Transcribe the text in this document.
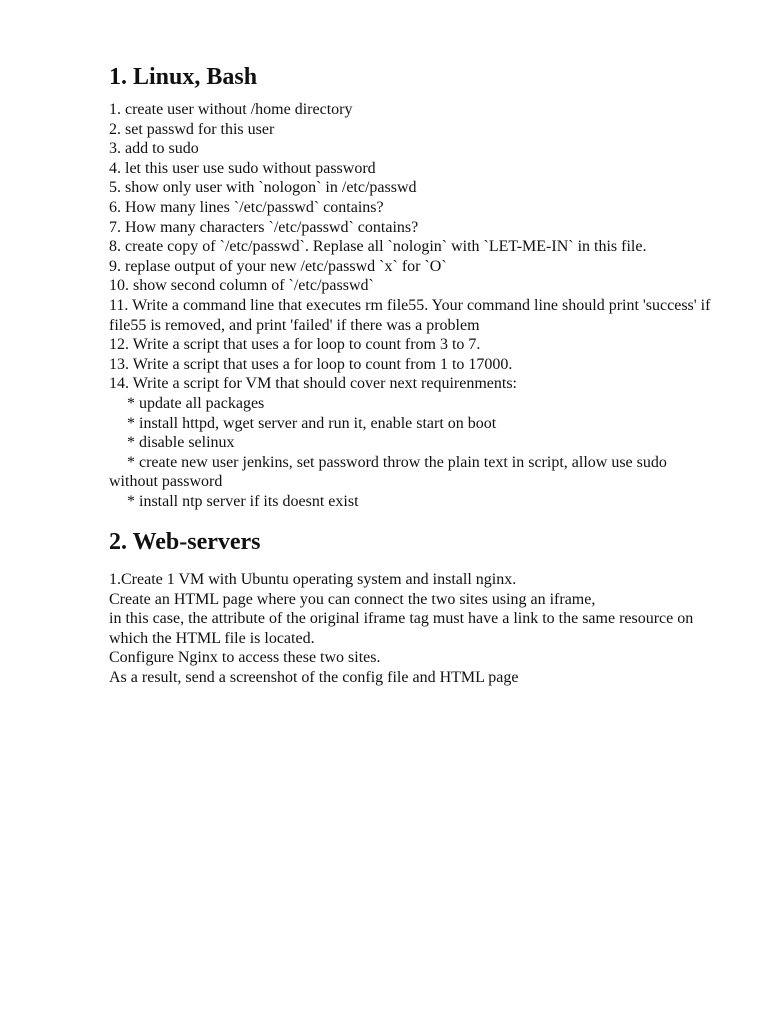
1. Linux, Bash

1. create user without /home directory

2. set passwd for this user

3. add to sudo

4. let this user use sudo without password

5. show only user with `nologon` in /etc/passwd

6. How many lines `/etc/passwd` contains?

7. How many characters `/etc/passwd` contains?

8. create copy of `/etc/passwd`. Replase all `nologin` with `LET-ME-IN` in this file.

9. replase output of your new /etc/passwd `x` for `O`

10. show second column of `/etc/passwd`

11. Write a command line that executes rm file55. Your command line should print 'success' if file55 is removed, and print 'failed' if there was a problem

12. Write a script that uses a for loop to count from 3 to 7.

13. Write a script that uses a for loop to count from 1 to 17000.

14. Write a script for VM that should cover next requirenments:

* update all packages

* install httpd, wget server and run it, enable start on boot

* disable selinux

* create new user jenkins, set password throw the plain text in script, allow use sudo without password

* install ntp server if its doesnt exist

2. Web-servers

1.Create 1 VM with Ubuntu operating system and install nginx.

Create an HTML page where you can connect the two sites using an iframe,

in this case, the attribute of the original iframe tag must have a link to the same resource on which the HTML file is located.

Configure Nginx to access these two sites.

As a result, send a screenshot of the config file and HTML page
